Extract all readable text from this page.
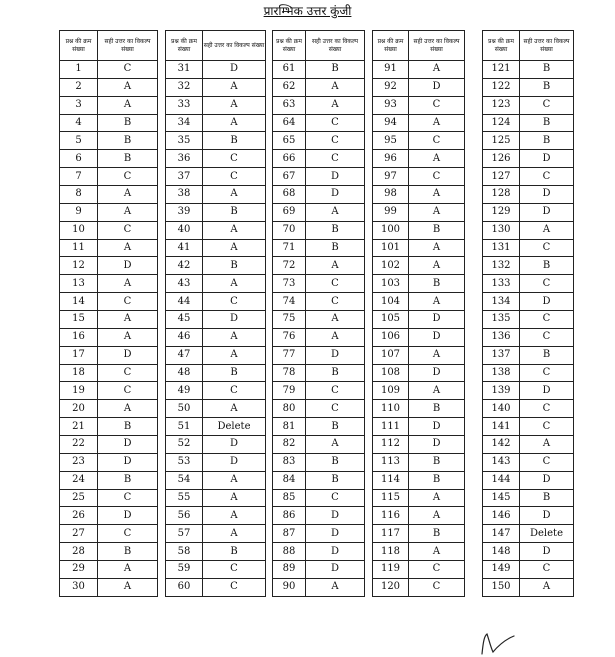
प्रारम्भिक उत्तर कुंजी
प्रश्न की क्रम संख्या	सही उत्तर का विकल्प संख्या
1	C
2	A
3	A
4	B
5	B
6	B
7	C
8	A
9	A
10	C
11	A
12	D
13	A
14	C
15	A
16	A
17	D
18	C
19	C
20	A
21	B
22	D
23	D
24	B
25	C
26	D
27	C
28	B
29	A
30	A
प्रश्न की क्रम संख्या	सही उत्तर का विकल्प संख्या
31	D
32	A
33	A
34	A
35	B
36	C
37	C
38	A
39	B
40	A
41	A
42	B
43	A
44	C
45	D
46	A
47	A
48	B
49	C
50	A
51	Delete
52	D
53	D
54	A
55	A
56	A
57	A
58	B
59	C
60	C
प्रश्न की क्रम संख्या	सही उत्तर का विकल्प संख्या
61	B
62	A
63	A
64	C
65	C
66	C
67	D
68	D
69	A
70	B
71	B
72	A
73	C
74	C
75	A
76	A
77	D
78	B
79	C
80	C
81	B
82	A
83	B
84	B
85	C
86	D
87	D
88	D
89	D
90	A
प्रश्न की क्रम संख्या	सही उत्तर का विकल्प संख्या
91	A
92	D
93	C
94	A
95	C
96	A
97	C
98	A
99	A
100	B
101	A
102	A
103	B
104	A
105	D
106	D
107	A
108	D
109	A
110	B
111	D
112	D
113	B
114	B
115	A
116	A
117	B
118	A
119	C
120	C
प्रश्न की क्रम संख्या	सही उत्तर का विकल्प संख्या
121	B
122	B
123	C
124	B
125	B
126	D
127	C
128	D
129	D
130	A
131	C
132	B
133	C
134	D
135	C
136	C
137	B
138	C
139	D
140	C
141	C
142	A
143	C
144	D
145	B
146	D
147	Delete
148	D
149	C
150	A
